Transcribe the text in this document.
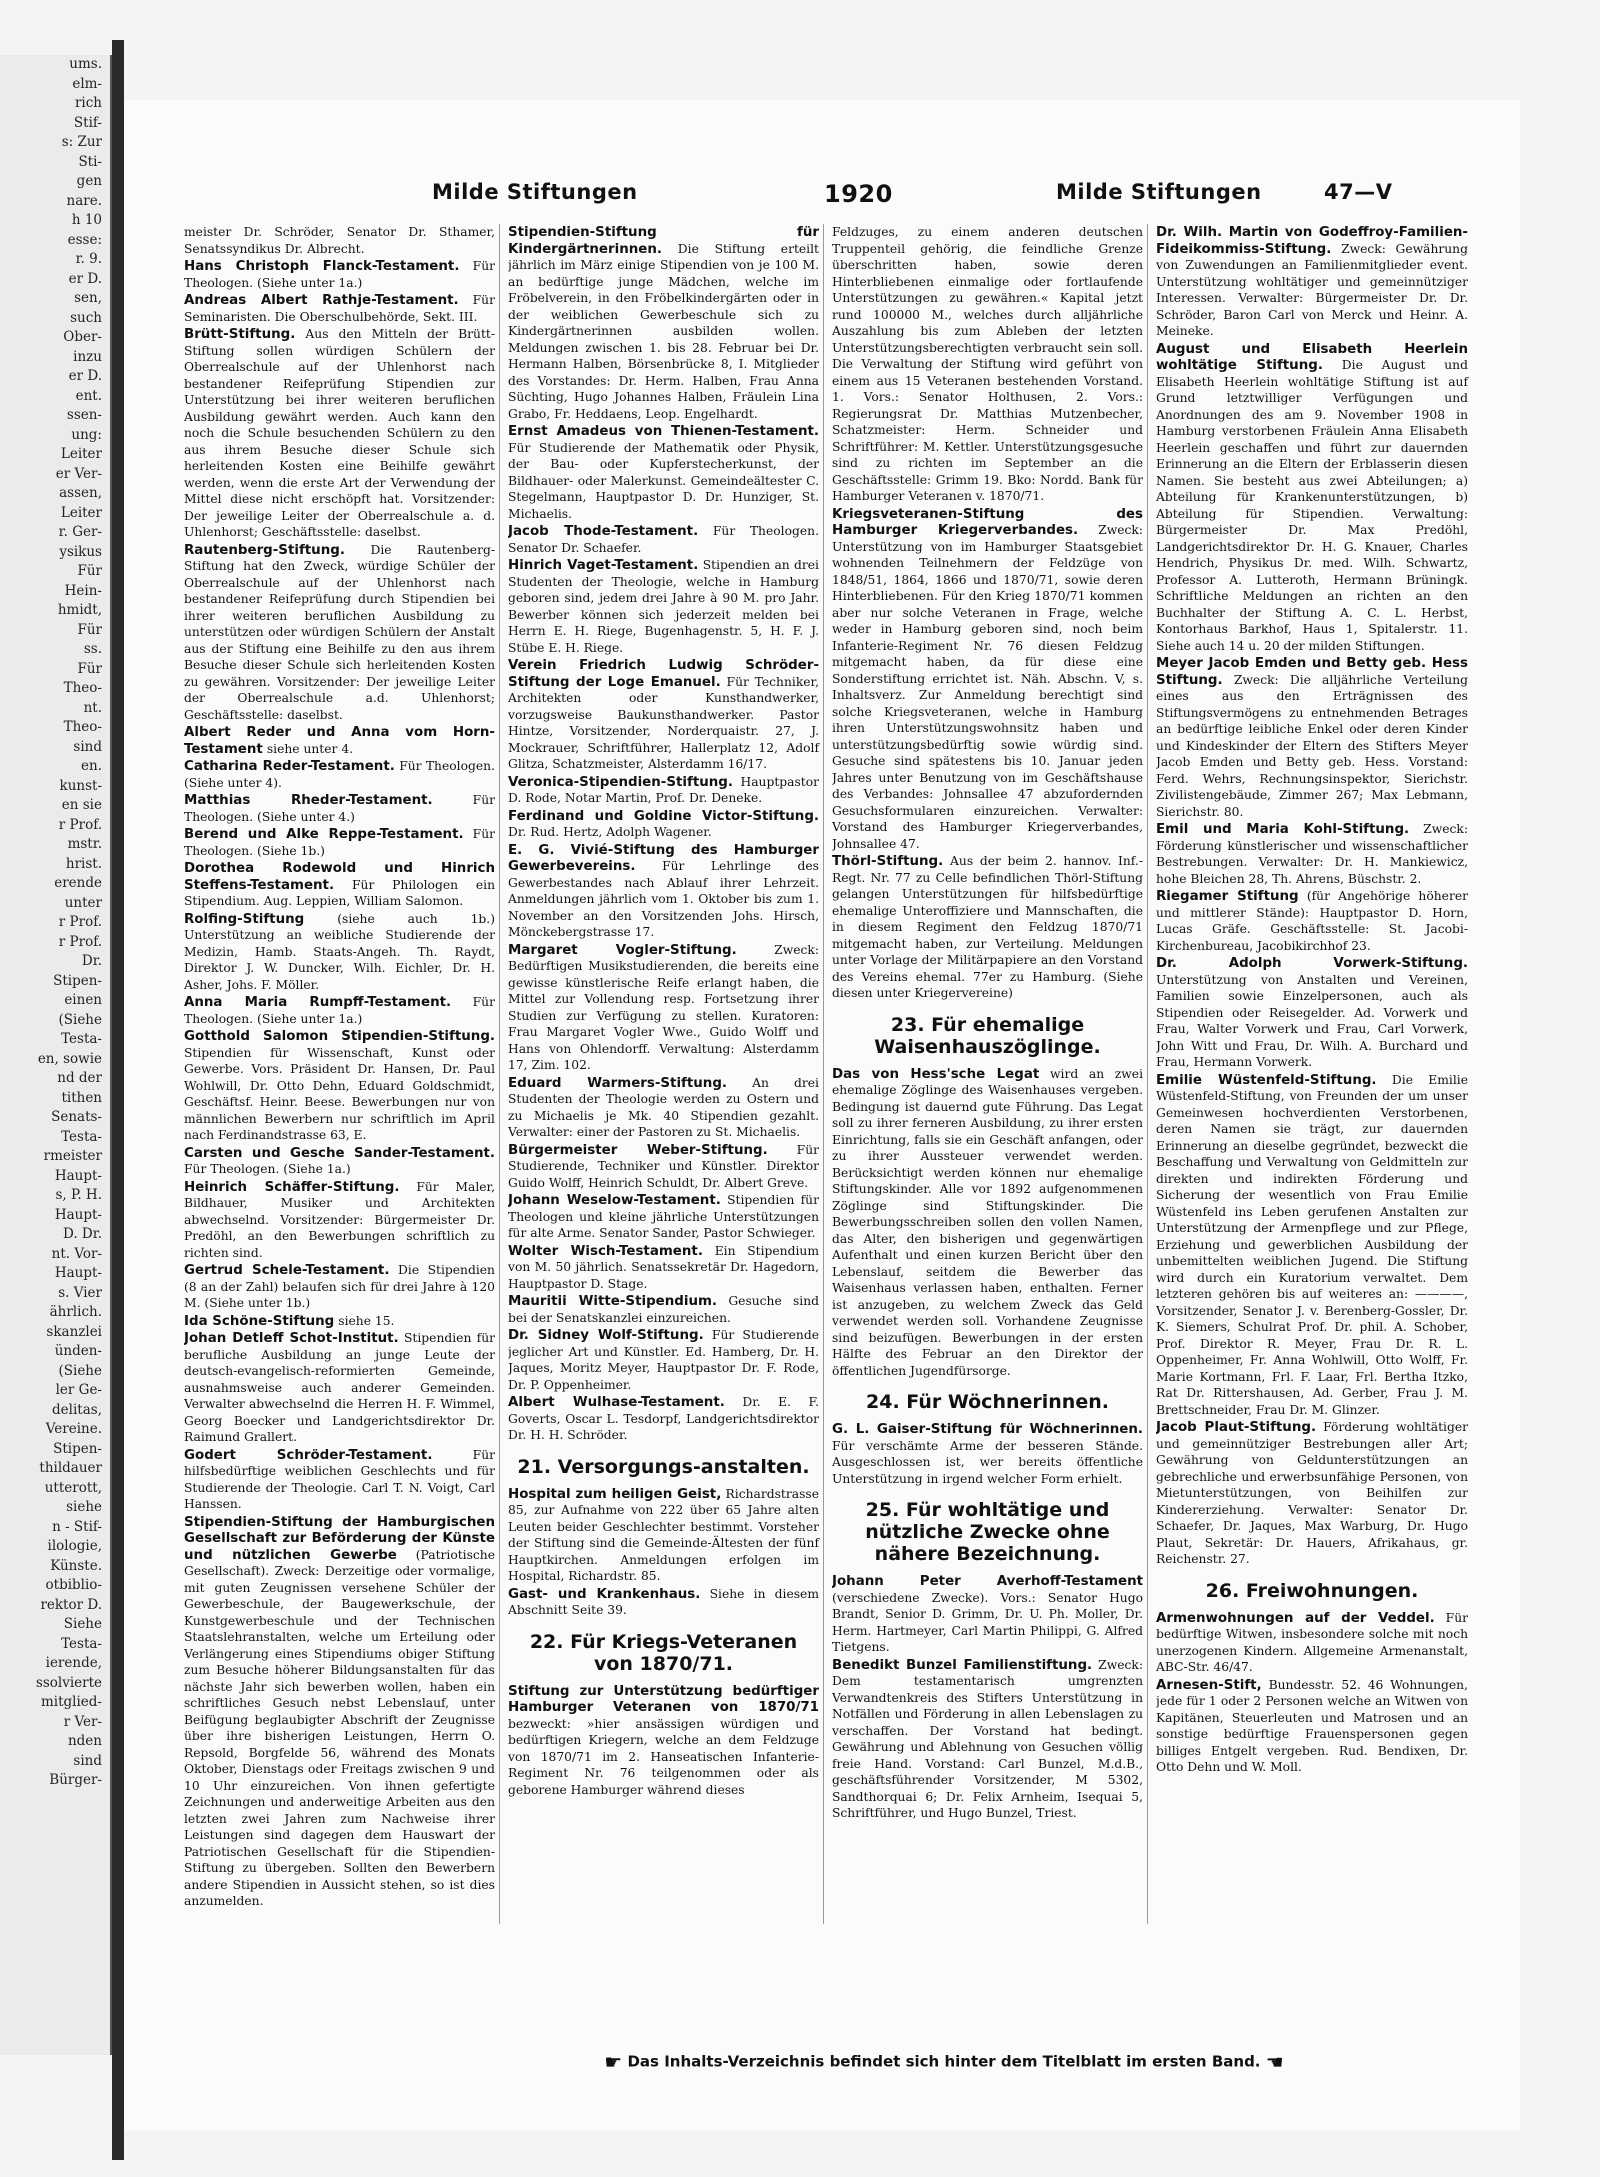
ums.
elm-
rich
Stif-
s: Zur
Sti-
gen
nare.
h 10
esse:
r. 9.
er D.
sen,
such
Ober-
inzu
er D.
ent.
ssen-
ung:
Leiter
er Ver-
assen,
Leiter
r. Ger-
ysikus
Für
Hein-
hmidt,
Für
ss.
Für
Theo-
nt.
Theo-
sind
en.
kunst-
en sie
r Prof.
mstr.
hrist.
erende
unter
r Prof.
r Prof.
Dr.
Stipen-
einen
(Siehe
Testa-
en, sowie
nd der
tithen
Senats-
Testa-
rmeister
Haupt-
s, P. H.
Haupt-
D. Dr.
nt. Vor-
Haupt-
s. Vier
ährlich.
skanzlei
ünden-
(Siehe
ler Ge-
delitas,
Vereine.
Stipen-
thildauer
utterott,
siehe
n - Stif-
ilologie,
Künste.
otbiblio-
rektor D.
Siehe
Testa-
ierende,
ssolvierte
mitglied-
r Ver-
nden
sind
Bürger-
Milde Stiftungen	1920	Milde Stiftungen	47—V
meister Dr. Schröder, Senator Dr. Sthamer, Senatssyndikus Dr. Albrecht.
Hans Christoph Flanck-Testament. Für Theologen. (Siehe unter 1a.)
Andreas Albert Rathje-Testament. Für Seminaristen. Die Oberschulbehörde, Sekt. III.
Brütt-Stiftung. Aus den Mitteln der Brütt-Stiftung sollen würdigen Schülern der Oberrealschule auf der Uhlenhorst nach bestandener Reifeprüfung Stipendien zur Unterstützung bei ihrer weiteren beruflichen Ausbildung gewährt werden. Auch kann den noch die Schule besuchenden Schülern zu den aus ihrem Besuche dieser Schule sich herleitenden Kosten eine Beihilfe gewährt werden, wenn die erste Art der Verwendung der Mittel diese nicht erschöpft hat. Vorsitzender: Der jeweilige Leiter der Oberrealschule a. d. Uhlenhorst; Geschäftsstelle: daselbst.
Rautenberg-Stiftung. Die Rautenberg-Stiftung hat den Zweck, würdige Schüler der Oberrealschule auf der Uhlenhorst nach bestandener Reifeprüfung durch Stipendien bei ihrer weiteren beruflichen Ausbildung zu unterstützen oder würdigen Schülern der Anstalt aus der Stiftung eine Beihilfe zu den aus ihrem Besuche dieser Schule sich herleitenden Kosten zu gewähren. Vorsitzender: Der jeweilige Leiter der Oberrealschule a.d. Uhlenhorst; Geschäftsstelle: daselbst.
Albert Reder und Anna vom Horn-Testament siehe unter 4.
Catharina Reder-Testament. Für Theologen. (Siehe unter 4).
Matthias Rheder-Testament.	Für Theologen. (Siehe unter 4.)
Berend und Alke Reppe-Testament. Für Theologen. (Siehe 1b.)
Dorothea Rodewold und Hinrich Steffens-Testament. Für Philologen ein Stipendium. Aug. Leppien, William Salomon.
Rolfing-Stiftung	(siehe auch 1b.) Unterstützung an weibliche Studierende der Medizin, Hamb. Staats-Angeh. Th. Raydt, Direktor J. W. Duncker, Wilh. Eichler, Dr. H. Asher, Johs. F. Möller.
Anna Maria Rumpff-Testament. Für Theologen. (Siehe unter 1a.)
Gotthold Salomon Stipendien-Stiftung. Stipendien für Wissenschaft, Kunst oder Gewerbe. Vors. Präsident Dr. Hansen, Dr. Paul Wohlwill, Dr. Otto Dehn, Eduard Goldschmidt, Geschäftsf. Heinr. Beese. Bewerbungen nur von männlichen Bewerbern nur schriftlich im April nach Ferdinandstrasse 63, E.
Carsten und Gesche Sander-Testament. Für Theologen. (Siehe 1a.)
Heinrich Schäffer-Stiftung. Für Maler, Bildhauer, Musiker und Architekten abwechselnd. Vorsitzender: Bürgermeister Dr. Predöhl, an den Bewerbungen schriftlich zu richten sind.
Gertrud Schele-Testament. Die Stipendien (8 an der Zahl) belaufen sich für drei Jahre à 120 M. (Siehe unter 1b.)
Ida Schöne-Stiftung siehe 15.
Johan Detleff Schot-Institut. Stipendien für berufliche Ausbildung an junge Leute der deutsch-evangelisch-reformierten Gemeinde, ausnahmsweise auch anderer Gemeinden. Verwalter abwechselnd die Herren H. F. Wimmel, Georg Boecker und Landgerichtsdirektor Dr. Raimund Grallert.
Godert Schröder-Testament.	Für hilfsbedürftige weiblichen Geschlechts und für Studierende der Theologie. Carl T. N. Voigt, Carl Hanssen.
Stipendien-Stiftung der Hamburgischen Gesellschaft zur Beförderung der Künste und nützlichen Gewerbe (Patriotische Gesellschaft). Zweck: Derzeitige oder vormalige, mit guten Zeugnissen versehene Schüler der Gewerbeschule, der Baugewerkschule, der Kunstgewerbeschule und der Technischen Staatslehranstalten, welche um Erteilung oder Verlängerung eines Stipendiums obiger Stiftung zum Besuche höherer Bildungsanstalten für das nächste Jahr sich bewerben wollen, haben ein schriftliches Gesuch nebst Lebenslauf, unter Beifügung beglaubigter Abschrift der Zeugnisse über ihre bisherigen Leistungen, Herrn O. Repsold, Borgfelde 56, während des Monats Oktober, Dienstags oder Freitags zwischen 9 und 10 Uhr einzureichen. Von ihnen gefertigte Zeichnungen und anderweitige Arbeiten aus den letzten zwei Jahren zum Nachweise ihrer Leistungen sind dagegen dem Hauswart der Patriotischen Gesellschaft für die Stipendien-Stiftung zu übergeben. Sollten den Bewerbern andere Stipendien in Aussicht stehen, so ist dies anzumelden.
Stipendien-Stiftung für Kindergärtnerinnen. Die Stiftung erteilt jährlich im März einige Stipendien von je 100 M. an bedürftige junge Mädchen, welche im Fröbelverein, in den Fröbelkindergärten oder in der weiblichen Gewerbeschule sich zu Kindergärtnerinnen ausbilden wollen. Meldungen zwischen 1. bis 28. Februar bei Dr. Hermann Halben, Börsenbrücke 8, I. Mitglieder des Vorstandes: Dr. Herm. Halben, Frau Anna Süchting, Hugo Johannes Halben, Fräulein Lina Grabo, Fr. Heddaens, Leop. Engelhardt.
Ernst Amadeus von Thienen-Testament. Für Studierende der Mathematik oder Physik, der Bau- oder Kupferstecherkunst, der Bildhauer- oder Malerkunst. Gemeindeältester C. Stegelmann, Hauptpastor D. Dr. Hunziger, St. Michaelis.
Jacob Thode-Testament. Für Theologen. Senator Dr. Schaefer.
Hinrich Vaget-Testament. Stipendien an drei Studenten der Theologie, welche in Hamburg geboren sind, jedem drei Jahre à 90 M. pro Jahr. Bewerber können sich jederzeit melden bei Herrn E. H. Riege, Bugenhagenstr. 5, H. F. J. Stübe E. H. Riege.
Verein Friedrich Ludwig Schröder-Stiftung der Loge Emanuel. Für Techniker, Architekten oder Kunsthandwerker, vorzugsweise Baukunsthandwerker. Pastor Hintze, Vorsitzender, Norderquaistr. 27, J. Mockrauer, Schriftführer, Hallerplatz 12, Adolf Glitza, Schatzmeister, Alsterdamm 16/17.
Veronica-Stipendien-Stiftung. Hauptpastor D. Rode, Notar Martin, Prof. Dr. Deneke.
Ferdinand und Goldine Victor-Stiftung. Dr. Rud. Hertz, Adolph Wagener.
E. G. Vivié-Stiftung des Hamburger Gewerbevereins. Für Lehrlinge des Gewerbestandes nach Ablauf ihrer Lehrzeit. Anmeldungen jährlich vom 1. Oktober bis zum 1. November an den Vorsitzenden Johs. Hirsch, Mönckebergstrasse 17.
Margaret Vogler-Stiftung.	Zweck: Bedürftigen Musikstudierenden, die bereits eine gewisse künstlerische Reife erlangt haben, die Mittel zur Vollendung resp. Fortsetzung ihrer Studien zur Verfügung zu stellen. Kuratoren: Frau Margaret Vogler Wwe., Guido Wolff und Hans von Ohlendorff. Verwaltung: Alsterdamm 17, Zim. 102.
Eduard Warmers-Stiftung. An drei Studenten der Theologie werden zu Ostern und zu Michaelis je Mk. 40 Stipendien gezahlt. Verwalter: einer der Pastoren zu St. Michaelis.
Bürgermeister Weber-Stiftung. Für Studierende, Techniker und Künstler. Direktor Guido Wolff, Heinrich Schuldt, Dr. Albert Greve.
Johann Weselow-Testament. Stipendien für Theologen und kleine jährliche Unterstützungen für alte Arme. Senator Sander, Pastor Schwieger.
Wolter Wisch-Testament. Ein Stipendium von M. 50 jährlich. Senatssekretär Dr. Hagedorn, Hauptpastor D. Stage.
Mauritii Witte-Stipendium. Gesuche sind bei der Senatskanzlei einzureichen.
Dr. Sidney Wolf-Stiftung. Für Studierende jeglicher Art und Künstler. Ed. Hamberg, Dr. H. Jaques, Moritz Meyer, Hauptpastor Dr. F. Rode, Dr. P. Oppenheimer.
Albert Wulhase-Testament. Dr. E. F. Goverts, Oscar L. Tesdorpf, Landgerichtsdirektor Dr. H. H. Schröder.
21. Versorgungs-anstalten.
Hospital zum heiligen Geist, Richardstrasse 85, zur Aufnahme von 222 über 65 Jahre alten Leuten beider Geschlechter bestimmt. Vorsteher der Stiftung sind die Gemeinde-Ältesten der fünf Hauptkirchen. Anmeldungen erfolgen im Hospital, Richardstr. 85.
Gast- und Krankenhaus. Siehe in diesem Abschnitt Seite 39.
22. Für Kriegs-Veteranen von 1870/71.
Stiftung zur Unterstützung bedürftiger Hamburger Veteranen von 1870/71 bezweckt: »hier ansässigen würdigen und bedürftigen Kriegern, welche an dem Feldzuge von 1870/71 im 2. Hanseatischen Infanterie-Regiment Nr. 76 teilgenommen oder als geborene Hamburger während dieses
Feldzuges, zu einem anderen deutschen Truppenteil gehörig, die feindliche Grenze überschritten haben, sowie deren Hinterbliebenen einmalige oder fortlaufende Unterstützungen zu gewähren.« Kapital jetzt rund 100000 M., welches durch alljährliche Auszahlung bis zum Ableben der letzten Unterstützungsberechtigten verbraucht sein soll. Die Verwaltung der Stiftung wird geführt von einem aus 15 Veteranen bestehenden Vorstand. 1. Vors.: Senator Holthusen, 2. Vors.: Regierungsrat Dr. Matthias Mutzenbecher, Schatzmeister: Herm. Schneider und Schriftführer: M. Kettler. Unterstützungsgesuche sind zu richten im September an die Geschäftsstelle: Grimm 19. Bko: Nordd. Bank für Hamburger Veteranen v. 1870/71.
Kriegsveteranen-Stiftung des Hamburger Kriegerverbandes. Zweck: Unterstützung von im Hamburger Staatsgebiet wohnenden Teilnehmern der Feldzüge von 1848/51, 1864, 1866 und 1870/71, sowie deren Hinterbliebenen. Für den Krieg 1870/71 kommen aber nur solche Veteranen in Frage, welche weder in Hamburg geboren sind, noch beim Infanterie-Regiment Nr. 76 diesen Feldzug mitgemacht haben, da für diese eine Sonderstiftung errichtet ist. Näh. Abschn. V, s. Inhaltsverz. Zur Anmeldung berechtigt sind solche Kriegsveteranen, welche in Hamburg ihren Unterstützungswohnsitz haben und unterstützungsbedürftig sowie würdig sind. Gesuche sind spätestens bis 10. Januar jeden Jahres unter Benutzung von im Geschäftshause des Verbandes: Johnsallee 47 abzufordernden Gesuchsformularen einzureichen. Verwalter: Vorstand des Hamburger Kriegerverbandes, Johnsallee 47.
Thörl-Stiftung. Aus der beim 2. hannov. Inf.-Regt. Nr. 77 zu Celle befindlichen Thörl-Stiftung gelangen Unterstützungen für hilfsbedürftige ehemalige Unteroffiziere und Mannschaften, die in diesem Regiment den Feldzug 1870/71 mitgemacht haben, zur Verteilung. Meldungen unter Vorlage der Militärpapiere an den Vorstand des Vereins ehemal. 77er zu Hamburg. (Siehe diesen unter Kriegervereine)
23. Für ehemalige Waisenhauszöglinge.
Das von Hess'sche Legat wird an zwei ehemalige Zöglinge des Waisenhauses vergeben. Bedingung ist dauernd gute Führung. Das Legat soll zu ihrer ferneren Ausbildung, zu ihrer ersten Einrichtung, falls sie ein Geschäft anfangen, oder zu ihrer Aussteuer verwendet werden. Berücksichtigt werden können nur ehemalige Stiftungskinder. Alle vor 1892 aufgenommenen Zöglinge sind Stiftungskinder. Die Bewerbungsschreiben sollen den vollen Namen, das Alter, den bisherigen und gegenwärtigen Aufenthalt und einen kurzen Bericht über den Lebenslauf, seitdem die Bewerber das Waisenhaus verlassen haben, enthalten. Ferner ist anzugeben, zu welchem Zweck das Geld verwendet werden soll. Vorhandene Zeugnisse sind beizufügen. Bewerbungen in der ersten Hälfte des Februar an den Direktor der öffentlichen Jugendfürsorge.
24. Für Wöchnerinnen.
G. L. Gaiser-Stiftung für Wöchnerinnen. Für verschämte Arme der besseren Stände. Ausgeschlossen ist, wer bereits öffentliche Unterstützung in irgend welcher Form erhielt.
25. Für wohltätige und nützliche Zwecke ohne nähere Bezeichnung.
Johann Peter Averhoff-Testament (verschiedene Zwecke). Vors.: Senator Hugo Brandt, Senior D. Grimm, Dr. U. Ph. Moller, Dr. Herm. Hartmeyer, Carl Martin Philippi, G. Alfred Tietgens.
Benedikt Bunzel Familienstiftung. Zweck: Dem testamentarisch umgrenzten Verwandtenkreis des Stifters Unterstützung in Notfällen und Förderung in allen Lebenslagen zu verschaffen. Der Vorstand hat bedingt. Gewährung und Ablehnung von Gesuchen völlig freie Hand. Vorstand: Carl Bunzel, M.d.B., geschäftsführender Vorsitzender, M 5302, Sandthorquai 6; Dr. Felix Arnheim, Isequai 5, Schriftführer, und Hugo Bunzel, Triest.
Dr. Wilh. Martin von Godeffroy-Familien-Fideikommiss-Stiftung. Zweck: Gewährung von Zuwendungen an Familienmitglieder event. Unterstützung wohltätiger und gemeinnütziger Interessen. Verwalter: Bürgermeister Dr. Dr. Schröder, Baron Carl von Merck und Heinr. A. Meineke.
August und Elisabeth Heerlein wohltätige Stiftung. Die August und Elisabeth Heerlein wohltätige Stiftung ist auf Grund letztwilliger Verfügungen und Anordnungen des am 9. November 1908 in Hamburg verstorbenen Fräulein Anna Elisabeth Heerlein geschaffen und führt zur dauernden Erinnerung an die Eltern der Erblasserin diesen Namen. Sie besteht aus zwei Abteilungen; a) Abteilung für Krankenunterstützungen, b) Abteilung für Stipendien. Verwaltung: Bürgermeister Dr. Max Predöhl, Landgerichtsdirektor Dr. H. G. Knauer, Charles Hendrich, Physikus Dr. med. Wilh. Schwartz, Professor A. Lutteroth, Hermann Brüningk. Schriftliche Meldungen an richten an den Buchhalter der Stiftung A. C. L. Herbst, Kontorhaus Barkhof, Haus 1, Spitalerstr. 11. Siehe auch 14 u. 20 der milden Stiftungen.
Meyer Jacob Emden und Betty geb. Hess Stiftung. Zweck: Die alljährliche Verteilung eines aus den Erträgnissen des Stiftungsvermögens zu entnehmenden Betrages an bedürftige leibliche Enkel oder deren Kinder und Kindeskinder der Eltern des Stifters Meyer Jacob Emden und Betty geb. Hess. Vorstand: Ferd. Wehrs, Rechnungsinspektor, Sierichstr. Zivilistengebäude, Zimmer 267; Max Lebmann, Sierichstr. 80.
Emil und Maria Kohl-Stiftung. Zweck: Förderung künstlerischer und wissenschaftlicher Bestrebungen. Verwalter: Dr. H. Mankiewicz, hohe Bleichen 28, Th. Ahrens, Büschstr. 2.
Riegamer Stiftung (für Angehörige höherer und mittlerer Stände): Hauptpastor D. Horn, Lucas Gräfe. Geschäftsstelle: St. Jacobi-Kirchenbureau, Jacobikirchhof 23.
Dr. Adolph Vorwerk-Stiftung. Unterstützung von Anstalten und Vereinen, Familien sowie Einzelpersonen, auch als Stipendien oder Reisegelder. Ad. Vorwerk und Frau, Walter Vorwerk und Frau, Carl Vorwerk, John Witt und Frau, Dr. Wilh. A. Burchard und Frau, Hermann Vorwerk.
Emilie Wüstenfeld-Stiftung. Die Emilie Wüstenfeld-Stiftung, von Freunden der um unser Gemeinwesen hochverdienten Verstorbenen, deren Namen sie trägt, zur dauernden Erinnerung an dieselbe gegründet, bezweckt die Beschaffung und Verwaltung von Geldmitteln zur direkten und indirekten Förderung und Sicherung der wesentlich von Frau Emilie Wüstenfeld ins Leben gerufenen Anstalten zur Unterstützung der Armenpflege und zur Pflege, Erziehung und gewerblichen Ausbildung der unbemittelten weiblichen Jugend. Die Stiftung wird durch ein Kuratorium verwaltet. Dem letzteren gehören bis auf weiteres an: ————, Vorsitzender, Senator J. v. Berenberg-Gossler, Dr. K. Siemers, Schulrat Prof. Dr. phil. A. Schober, Prof. Direktor R. Meyer, Frau Dr. R. L. Oppenheimer, Fr. Anna Wohlwill, Otto Wolff, Fr. Marie Kortmann, Frl. F. Laar, Frl. Bertha Itzko, Rat Dr. Rittershausen, Ad. Gerber, Frau J. M. Brettschneider, Frau Dr. M. Glinzer.
Jacob Plaut-Stiftung. Förderung wohltätiger und gemeinnütziger Bestrebungen aller Art; Gewährung von Geldunterstützungen an gebrechliche und erwerbsunfähige Personen, von Mietunterstützungen, von Beihilfen zur Kindererziehung. Verwalter: Senator Dr. Schaefer, Dr. Jaques, Max Warburg, Dr. Hugo Plaut, Sekretär: Dr. Hauers, Afrikahaus, gr. Reichenstr. 27.
26. Freiwohnungen.
Armenwohnungen auf der Veddel. Für bedürftige Witwen, insbesondere solche mit noch unerzogenen Kindern. Allgemeine Armenanstalt, ABC-Str. 46/47.
Arnesen-Stift, Bundesstr. 52. 46 Wohnungen, jede für 1 oder 2 Personen welche an Witwen von Kapitänen, Steuerleuten und Matrosen und an sonstige bedürftige Frauenspersonen gegen billiges Entgelt vergeben. Rud. Bendixen, Dr. Otto Dehn und W. Moll.
☛ Das Inhalts-Verzeichnis befindet sich hinter dem Titelblatt im ersten Band. ☚
